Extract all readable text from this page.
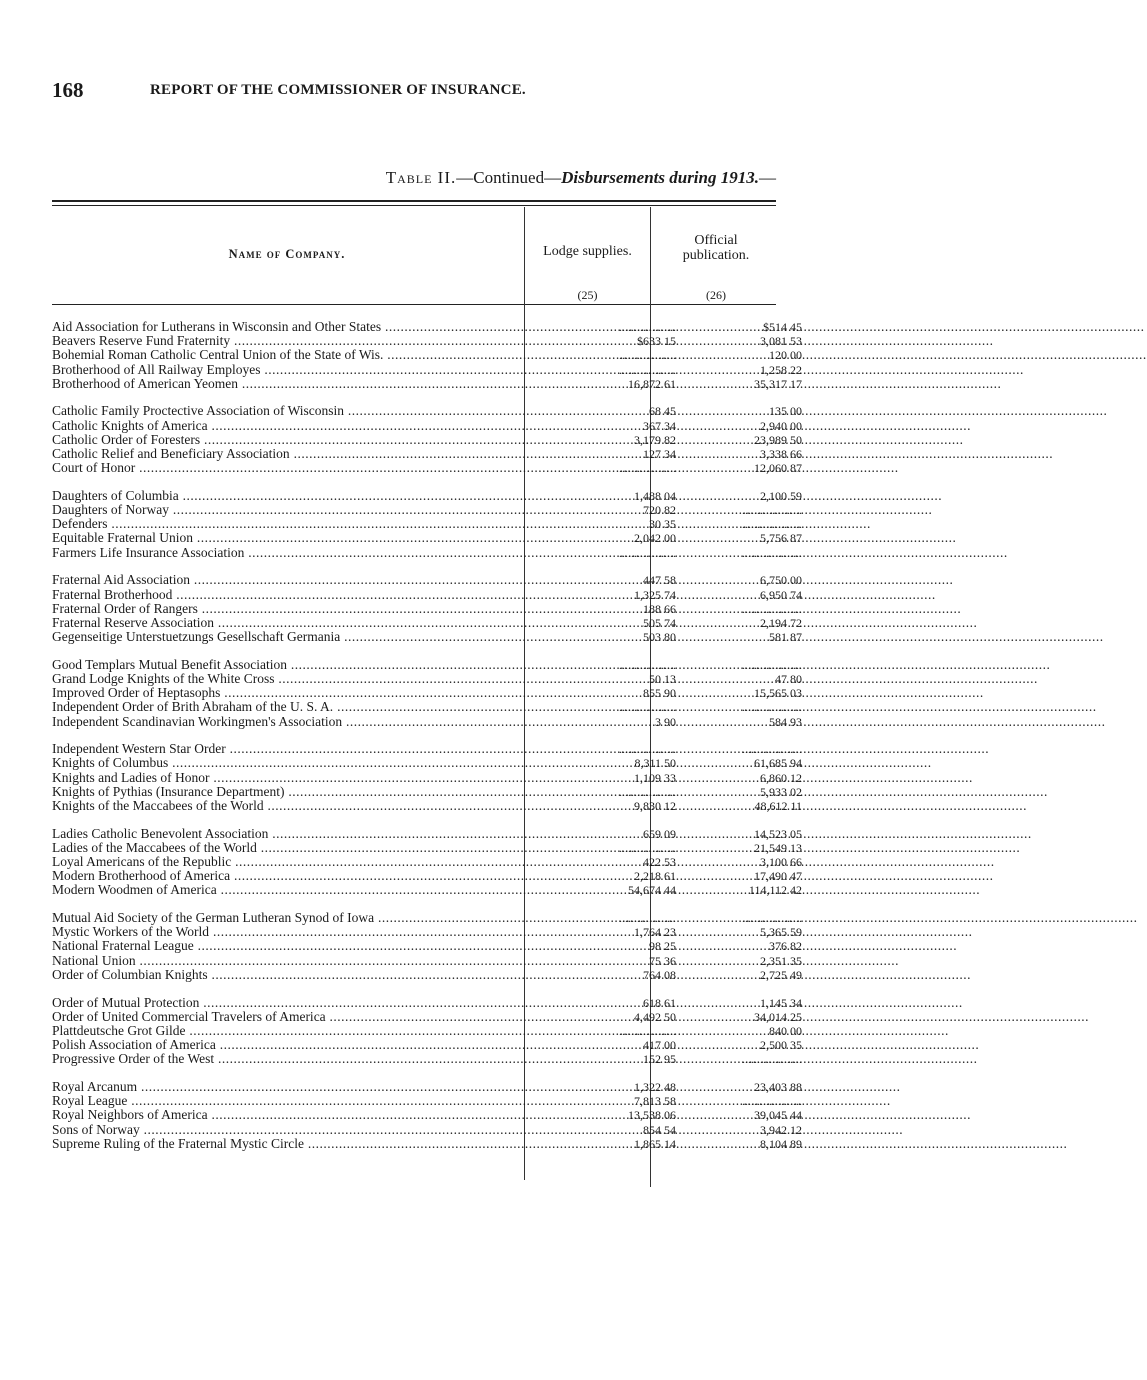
168	REPORT OF THE COMMISSIONER OF INSURANCE.
Table II.—Continued—Disbursements during 1913.—
Name of Company.	Lodge supplies.
Official
publication.
(25)	(26)
Aid Association for Lutherans in Wisconsin and Other States .....	...................	$514 45
Beavers Reserve Fund Fraternity .....	$633 15	3,081 53
Bohemial Roman Catholic Central Union of the State of Wis. .....	...................	120 00
Brotherhood of All Railway Employes .....	...................	1,258 22
Brotherhood of American Yeomen .....	16,872 61	35,317 17
Catholic Family Proctective Association of Wisconsin .....	68 45	135 00
Catholic Knights of America .....	367 34	2,940 00
Catholic Order of Foresters .....	3,179 82	23,989 50
Catholic Relief and Beneficiary Association .....	127 34	3,338 66
Court of Honor .....	...................	12,060 87
Daughters of Columbia .....	1,488 04	2,100 59
Daughters of Norway .....	720 82	....................
Defenders .....	30 35	....................
Equitable Fraternal Union .....	2,042 00	5,756 87
Farmers Life Insurance Association .....	...................	....................
Fraternal Aid Association .....	447 58	6,750 00
Fraternal Brotherhood .....	1,325 74	6,950 74
Fraternal Order of Rangers .....	188 66	....................
Fraternal Reserve Association .....	505 74	2,194 72
Gegenseitige Unterstuetzungs Gesellschaft Germania .....	503 80	581 87
Good Templars Mutual Benefit Association .....	...................	....................
Grand Lodge Knights of the White Cross .....	50 13	47 80
Improved Order of Heptasophs .....	855 90	15,565 03
Independent Order of Brith Abraham of the U. S. A. .....	...................	....................
Independent Scandinavian Workingmen's Association .....	3 90	584 93
Independent Western Star Order .....	...................	....................
Knights of Columbus .....	8,311 50	61,685 94
Knights and Ladies of Honor .....	1,109 33	6,860 12
Knights of Pythias (Insurance Department) .....	...................	5,933 02
Knights of the Maccabees of the World .....	9,830 12	48,612 11
Ladies Catholic Benevolent Association .....	659 09	14,523 05
Ladies of the Maccabees of the World .....	...................	21,549 13
Loyal Americans of the Republic .....	422 53	3,100 66
Modern Brotherhood of America .....	2,218 61	17,490 47
Modern Woodmen of America .....	54,674 44	114,112 42
Mutual Aid Society of the German Lutheran Synod of Iowa .....	...................	....................
Mystic Workers of the World .....	1,764 23	5,365 59
National Fraternal League .....	98 25	376 82
National Union .....	75 36	2,351 35
Order of Columbian Knights .....	764 08	2,725 49
Order of Mutual Protection .....	618 61	1,145 34
Order of United Commercial Travelers of America .....	4,492 50	34,014 25
Plattdeutsche Grot Gilde .....	...................	840 00
Polish Association of America .....	417 00	2,500 35
Progressive Order of the West .....	152 95	....................
Royal Arcanum .....	1,322 48	23,403 88
Royal League .....	7,813 58	....................
Royal Neighbors of America .....	13,538 06	39,045 44
Sons of Norway .....	854 54	3,942 12
Supreme Ruling of the Fraternal Mystic Circle .....	1,865 14	8,104 89
